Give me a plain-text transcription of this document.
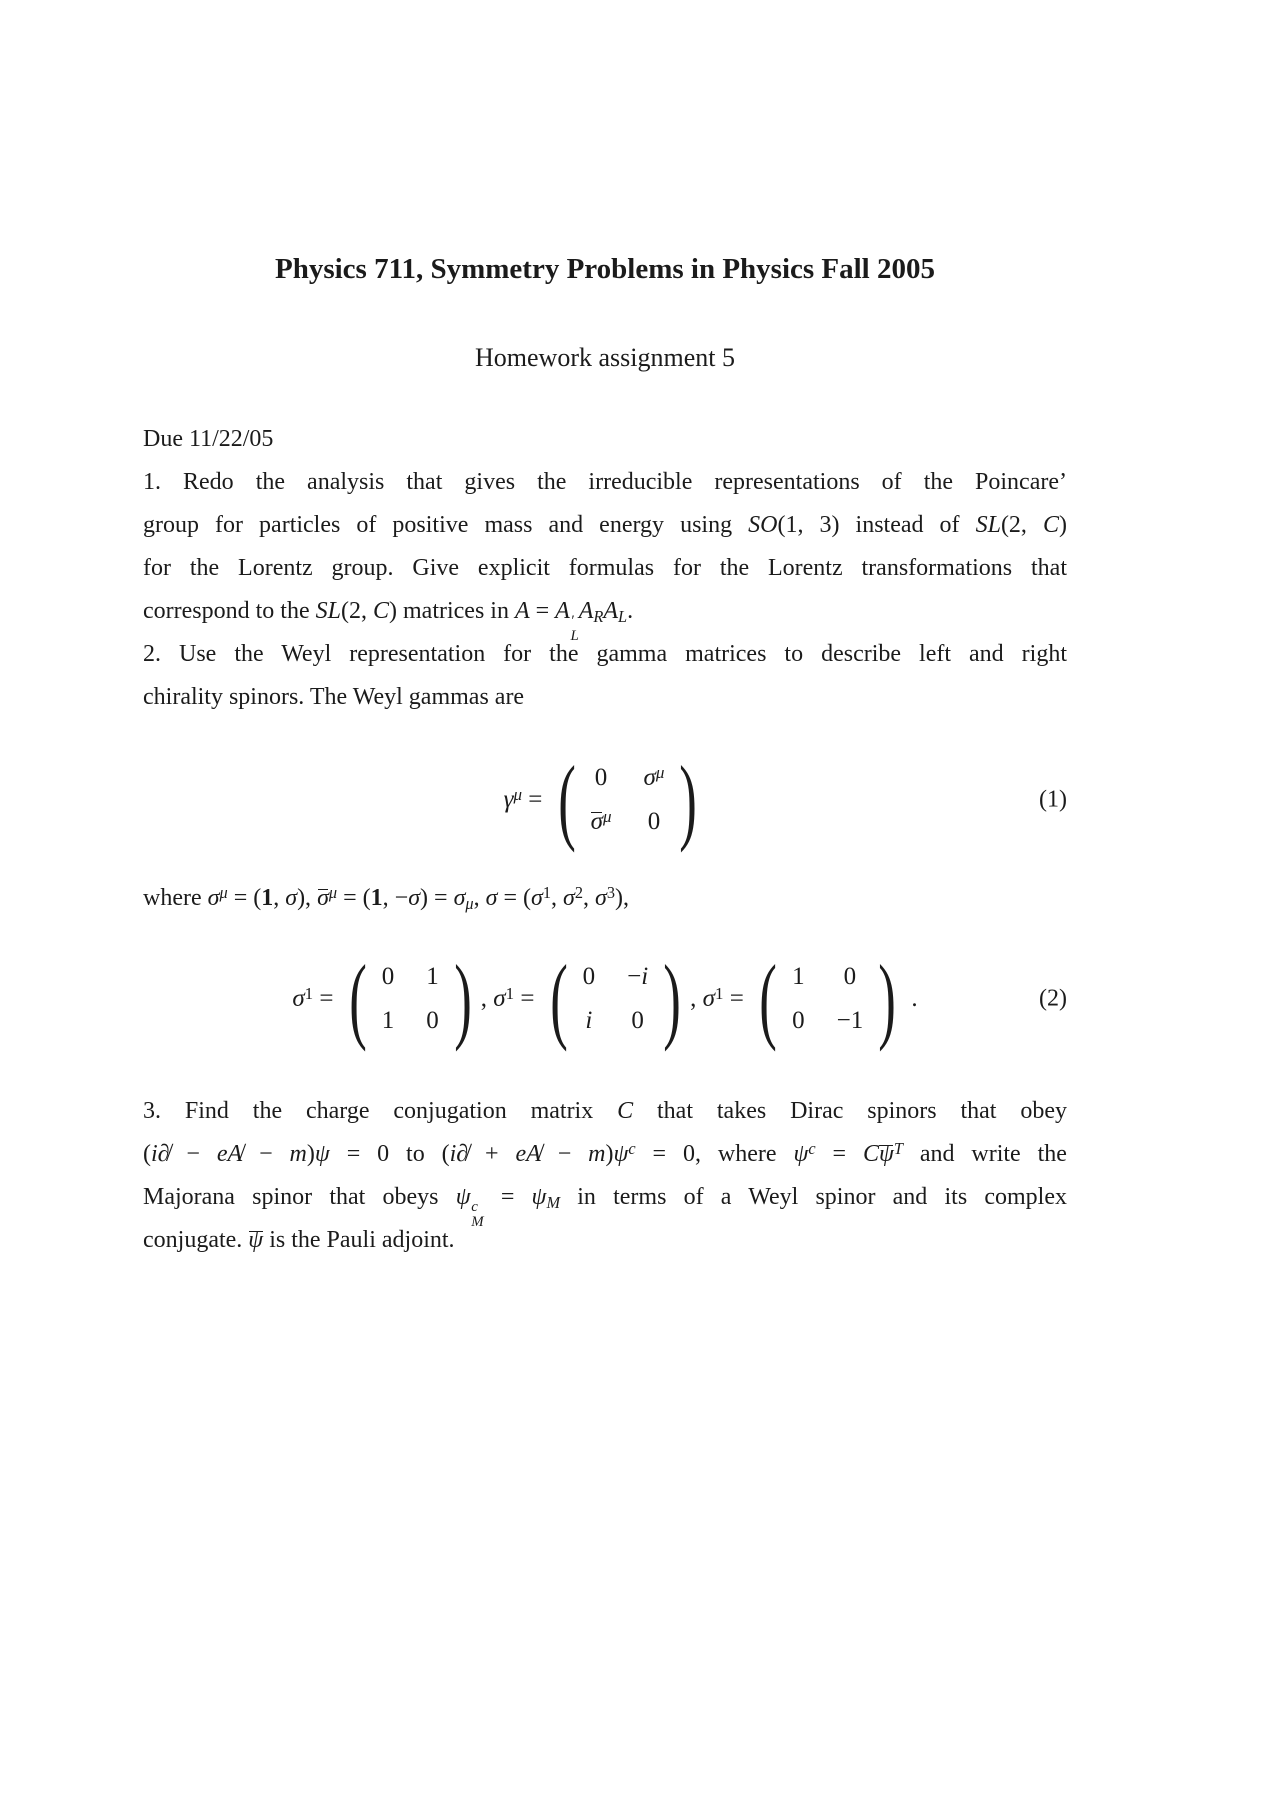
Physics 711, Symmetry Problems in Physics Fall 2005
Homework assignment 5
Due 11/22/05
1. Redo the analysis that gives the irreducible representations of the Poincare’
group for particles of positive mass and energy using SO(1, 3) instead of SL(2, C)
for the Lorentz group. Give explicit formulas for the Lorentz transformations that
correspond to the SL(2, C) matrices in A = A ′
L
ARAL.
2. Use the Weyl representation for the gamma matrices to describe left and right
chirality spinors. The Weyl gammas are
$\gamma^\mu$ = ( 0 $\sigma^\mu$
$\sigma^\mu$ 0 )	(1)
where $\sigma^\mu = (1$, σ), $\sigma^\mu = (1$, −σ) = σμ, $\sigma = (\sigma^1$, $\sigma^2$, $\sigma^3$),
$\sigma^1$ = ( 0 1
1 0 ) , $\sigma^1$ = ( 0 −i
i 0 ) , $\sigma^1$ = ( 1 0
0 −1 ) .	(2)
3. Find the charge conjugation matrix C that takes Dirac spinors that obey
(i∂̸ − eA̸ − m)ψ = 0 to (i∂̸ + eA̸ − $m)\psi^c = 0$, where $\psi^c = C\psi^T$ and write the
Majorana spinor that obeys ψ c
M
= ψM in terms of a Weyl spinor and its complex
conjugate. ψ is the Pauli adjoint.
